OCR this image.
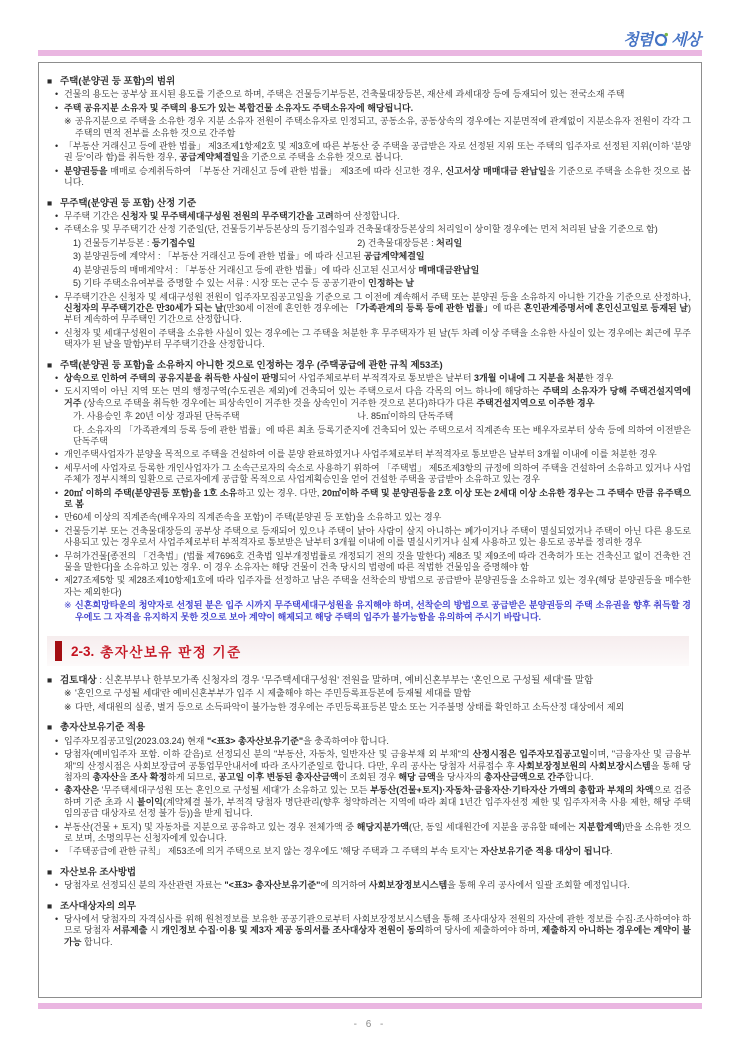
청렴 세상
■ 주택(분양권 등 포함)의 범위
• 건물의 용도는 공부상 표시된 용도를 기준으로 하며, 주택은 건물등기부등본, 건축물대장등본, 재산세 과세대장 등에 등재되어 있는 전국소재 주택
• 주택 공유지분 소유자 및 주택의 용도가 있는 복합건물 소유자도 주택소유자에 해당됩니다.
※ 공유지분으로 주택을 소유한 경우 지분 소유자 전원이 주택소유자로 인정되고, 공동소유, 공동상속의 경우에는 지분면적에 관계없이 지분소유자 전원이 각각 그 주택의 면적 전부를 소유한 것으로 간주함
• 「부동산 거래신고 등에 관한 법률」 제3조제1항제2호 및 제3호에 따른 부동산 중 주택을 공급받은 자로 선정된 지위 또는 주택의 입주자로 선정된 지위(이하 '분양권 등'이라 함)를 취득한 경우, 공급계약체결일을 기준으로 주택을 소유한 것으로 봅니다.
• 분양권등을 매매로 승계취득하여 「부동산 거래신고 등에 관한 법률」 제3조에 따라 신고한 경우, 신고서상 매매대금 완납일을 기준으로 주택을 소유한 것으로 봅니다.
■ 무주택(분양권 등 포함) 산정 기준
• 무주택 기간은 신청자 및 무주택세대구성원 전원의 무주택기간을 고려하여 산정합니다.
• 주택소유 및 무주택기간 산정 기준일(단, 건물등기부등본상의 등기접수일과 건축물대장등본상의 처리일이 상이할 경우에는 먼저 처리된 날을 기준으로 함)
1) 건물등기부등본 : 등기접수일	2) 건축물대장등본 : 처리일
3) 분양권등에 계약서 : 「부동산 거래신고 등에 관한 법률」에 따라 신고된 공급계약체결일
4) 분양권등의 매매계약서 : 「부동산 거래신고 등에 관한 법률」에 따라 신고된 신고서상 매매대금완납일
5) 기타 주택소유여부를 증명할 수 있는 서류 : 시장 또는 군수 등 공공기관이 인정하는 날
• 무주택기간은 신청자 및 세대구성원 전원이 입주자모집공고일을 기준으로 그 이전에 계속해서 주택 또는 분양권 등을 소유하지 아니한 기간을 기준으로 산정하나, 신청자의 무주택기간은 만30세가 되는 날(만30세 이전에 혼인한 경우에는 「가족관계의 등록 등에 관한 법률」에 따른 혼인관계증명서에 혼인신고일로 등재된 날)부터 계속하여 무주택인 기간으로 산정합니다.
• 신청자 및 세대구성원이 주택을 소유한 사실이 있는 경우에는 그 주택을 처분한 후 무주택자가 된 날(두 차례 이상 주택을 소유한 사실이 있는 경우에는 최근에 무주택자가 된 날을 말함)부터 무주택기간을 산정합니다.
■ 주택(분양권 등 포함)을 소유하지 아니한 것으로 인정하는 경우 (주택공급에 관한 규칙 제53조)
• 상속으로 인하여 주택의 공유지분을 취득한 사실이 판명되어 사업주체로부터 부적격자로 통보받은 날부터 3개월 이내에 그 지분을 처분한 경우
• 도시지역이 아닌 지역 또는 면의 행정구역(수도권은 제외)에 건축되어 있는 주택으로서 다음 각목의 어느 하나에 해당하는 주택의 소유자가 당해 주택건설지역에 거주 (상속으로 주택을 취득한 경우에는 피상속인이 거주한 것을 상속인이 거주한 것으로 본다)하다가 다른 주택건설지역으로 이주한 경우
가. 사용승인 후 20년 이상 경과된 단독주택	나. 85㎡이하의 단독주택
다. 소유자의 「가족관계의 등록 등에 관한 법률」에 따른 최초 등록기준지에 건축되어 있는 주택으로서 직계존속 또는 배우자로부터 상속 등에 의하여 이전받은 단독주택
• 개인주택사업자가 분양을 목적으로 주택을 건설하여 이를 분양 완료하였거나 사업주체로부터 부적격자로 통보받은 날부터 3개월 이내에 이를 처분한 경우
• 세무서에 사업자로 등록한 개인사업자가 그 소속근로자의 숙소로 사용하기 위하여 「주택법」 제5조제3항의 규정에 의하여 주택을 건설하여 소유하고 있거나 사업주체가 정부시책의 일환으로 근로자에게 공급할 목적으로 사업계획승인을 얻어 건설한 주택을 공급받아 소유하고 있는 경우
• 20㎡ 이하의 주택(분양권등 포함)을 1호 소유하고 있는 경우. 다만, 20㎡이하 주택 및 분양권등을 2호 이상 또는 2세대 이상 소유한 경우는 그 주택수 만큼 유주택으로 봄
• 만60세 이상의 직계존속(배우자의 직계존속을 포함)이 주택(분양권 등 포함)을 소유하고 있는 경우
• 건물등기부 또는 건축물대장등의 공부상 주택으로 등재되어 있으나 주택이 낡아 사람이 살지 아니하는 폐가이거나 주택이 멸실되었거나 주택이 아닌 다른 용도로 사용되고 있는 경우로서 사업주체로부터 부적격자로 통보받은 날부터 3개월 이내에 이를 멸실시키거나 실제 사용하고 있는 용도로 공부를 정리한 경우
• 무허가건물[종전의 「건축법」(법률 제7696호 건축법 일부개정법률로 개정되기 전의 것을 말한다) 제8조 및 제9조에 따라 건축허가 또는 건축신고 없이 건축한 건물을 말한다]을 소유하고 있는 경우. 이 경우 소유자는 해당 건물이 건축 당시의 법령에 따른 적법한 건물임을 증명해야 함
• 제27조제5항 및 제28조제10항제1호에 따라 입주자를 선정하고 남은 주택을 선착순의 방법으로 공급받아 분양권등을 소유하고 있는 경우(해당 분양권등을 매수한 자는 제외한다)
※ 신혼희망타운의 청약자로 선정된 분은 입주 시까지 무주택세대구성원을 유지해야 하며, 선착순의 방법으로 공급받은 분양권등의 주택 소유권을 향후 취득할 경우에도 그 자격을 유지하지 못한 것으로 보아 계약이 해제되고 해당 주택의 입주가 불가능함을 유의하여 주시기 바랍니다.
2-3. 총자산보유 판정 기준
■ 검토대상 : 신혼부부나 한부모가족 신청자의 경우 '무주택세대구성원' 전원을 말하며, 예비신혼부부는 '혼인으로 구성될 세대'를 말함
※ '혼인으로 구성될 세대'란 예비신혼부부가 입주 시 제출해야 하는 주민등록표등본에 등재될 세대를 말함
※ 다만, 세대원의 실종, 별거 등으로 소득파악이 불가능한 경우에는 주민등록표등본 말소 또는 거주불명 상태를 확인하고 소득산정 대상에서 제외
■ 총자산보유기준 적용
• 입주자모집공고일(2023.03.24) 현재 "<표3> 총자산보유기준"을 충족하여야 합니다.
• 당첨자(예비입주자 포함. 이하 같음)로 선정되신 분의 "부동산, 자동차, 일반자산 및 금융부채 외 부채"의 산정시점은 입주자모집공고일이며, "금융자산 및 금융부채"의 산정시점은 사회보장급여 공통업무안내서에 따라 조사기준일로 합니다. 다만, 우리 공사는 당첨자 서류접수 후 사회보장정보원의 사회보장시스템을 통해 당첨자의 총자산을 조사 확정하게 되므로, 공고일 이후 변동된 총자산금액이 조회된 경우 해당 금액을 당사자의 총자산금액으로 간주합니다.
• 총자산은 '무주택세대구성원 또는 혼인으로 구성될 세대'가 소유하고 있는 모든 부동산(건물+토지)·자동차·금융자산·기타자산 가액의 총합과 부채의 차액으로 검증하며 기준 초과 시 불이익(계약체결 불가, 부적격 당첨자 명단관리(향후 청약하려는 지역에 따라 최대 1년간 입주자선정 제한 및 입주자저축 사용 제한, 해당 주택 임의공급 대상자로 선정 불가 등))을 받게 됩니다.
• 부동산(건물 + 토지) 및 자동차를 지분으로 공유하고 있는 경우 전체가액 중 해당지분가액(단, 동일 세대원간에 지분을 공유할 때에는 지분합계액)만을 소유한 것으로 보며, 소명의무는 신청자에게 있습니다.
• 「주택공급에 관한 규칙」 제53조에 의거 주택으로 보지 않는 경우에도 '해당 주택과 그 주택의 부속 토지'는 자산보유기준 적용 대상이 됩니다.
■ 자산보유 조사방법
• 당첨자로 선정되신 분의 자산관련 자료는 "<표3> 총자산보유기준"에 의거하여 사회보장정보시스템을 통해 우리 공사에서 일괄 조회할 예정입니다.
■ 조사대상자의 의무
• 당사에서 당첨자의 자격심사를 위해 원천정보를 보유한 공공기관으로부터 사회보장정보시스템을 통해 조사대상자 전원의 자산에 관한 정보를 수집·조사하여야 하므로 당첨자 서류제출 시 개인정보 수집·이용 및 제3자 제공 동의서를 조사대상자 전원이 동의하여 당사에 제출하여야 하며, 제출하지 아니하는 경우에는 계약이 불가능 합니다.
- 6 -
